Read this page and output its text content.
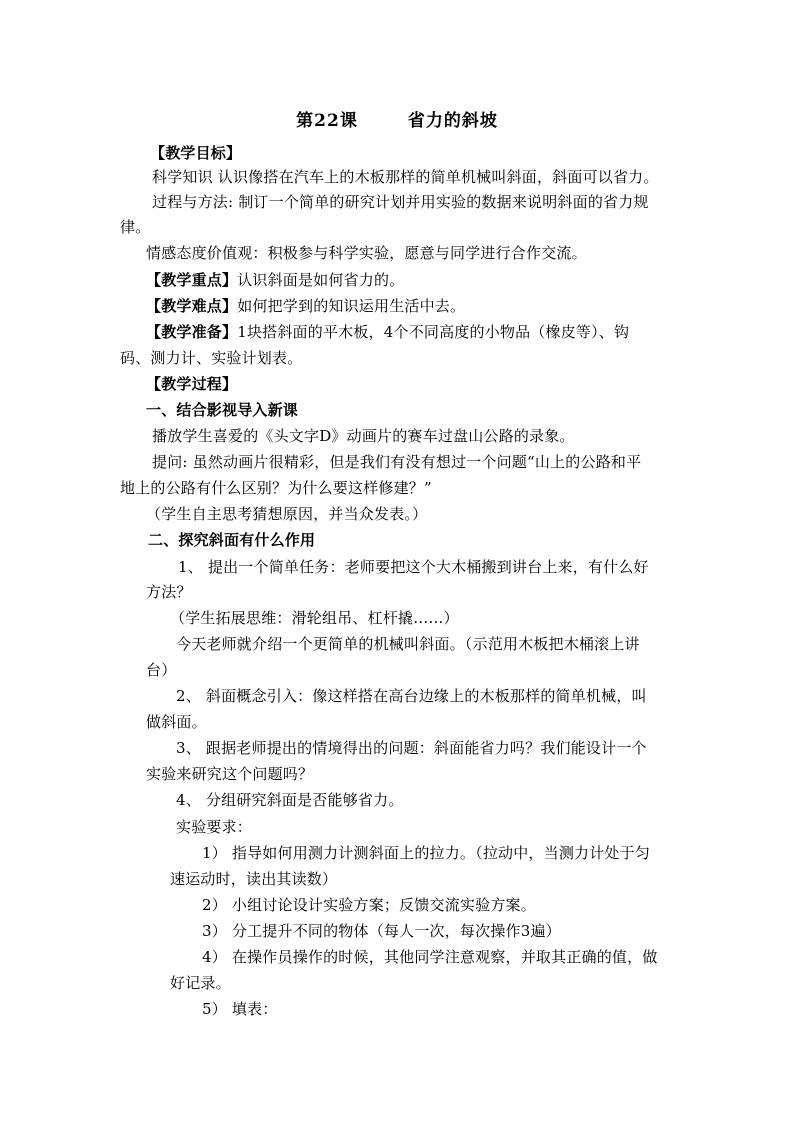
第22课	省力的斜坡
【教学目标】
科学知识 认识像搭在汽车上的木板那样的简单机械叫斜面，斜面可以省力。
过程与方法: 制订一个简单的研究计划并用实验的数据来说明斜面的省力规
律。
情感态度价值观：积极参与科学实验，愿意与同学进行合作交流。
【教学重点】认识斜面是如何省力的。
【教学难点】如何把学到的知识运用生活中去。
【教学准备】1块搭斜面的平木板，4个不同高度的小物品（橡皮等）、钩
码、测力计、实验计划表。
【教学过程】
一、结合影视导入新课
播放学生喜爱的《头文字D》动画片的赛车过盘山公路的录象。
提问: 虽然动画片很精彩，但是我们有没有想过一个问题“山上的公路和平
地上的公路有什么区别？为什么要这样修建？”
（学生自主思考猜想原因，并当众发表。）
二、探究斜面有什么作用
1、 提出一个简单任务：老师要把这个大木桶搬到讲台上来，有什么好
方法？
（学生拓展思维：滑轮组吊、杠杆撬……）
今天老师就介绍一个更简单的机械叫斜面。（示范用木板把木桶滚上讲
台）
2、 斜面概念引入：像这样搭在高台边缘上的木板那样的简单机械，叫
做斜面。
3、 跟据老师提出的情境得出的问题：斜面能省力吗？我们能设计一个
实验来研究这个问题吗？
4、 分组研究斜面是否能够省力。
实验要求：
1） 指导如何用测力计测斜面上的拉力。（拉动中，当测力计处于匀
速运动时，读出其读数）
2） 小组讨论设计实验方案；反馈交流实验方案。
3） 分工提升不同的物体（每人一次，每次操作3遍）
4） 在操作员操作的时候，其他同学注意观察，并取其正确的值，做
好记录。
5） 填表：
